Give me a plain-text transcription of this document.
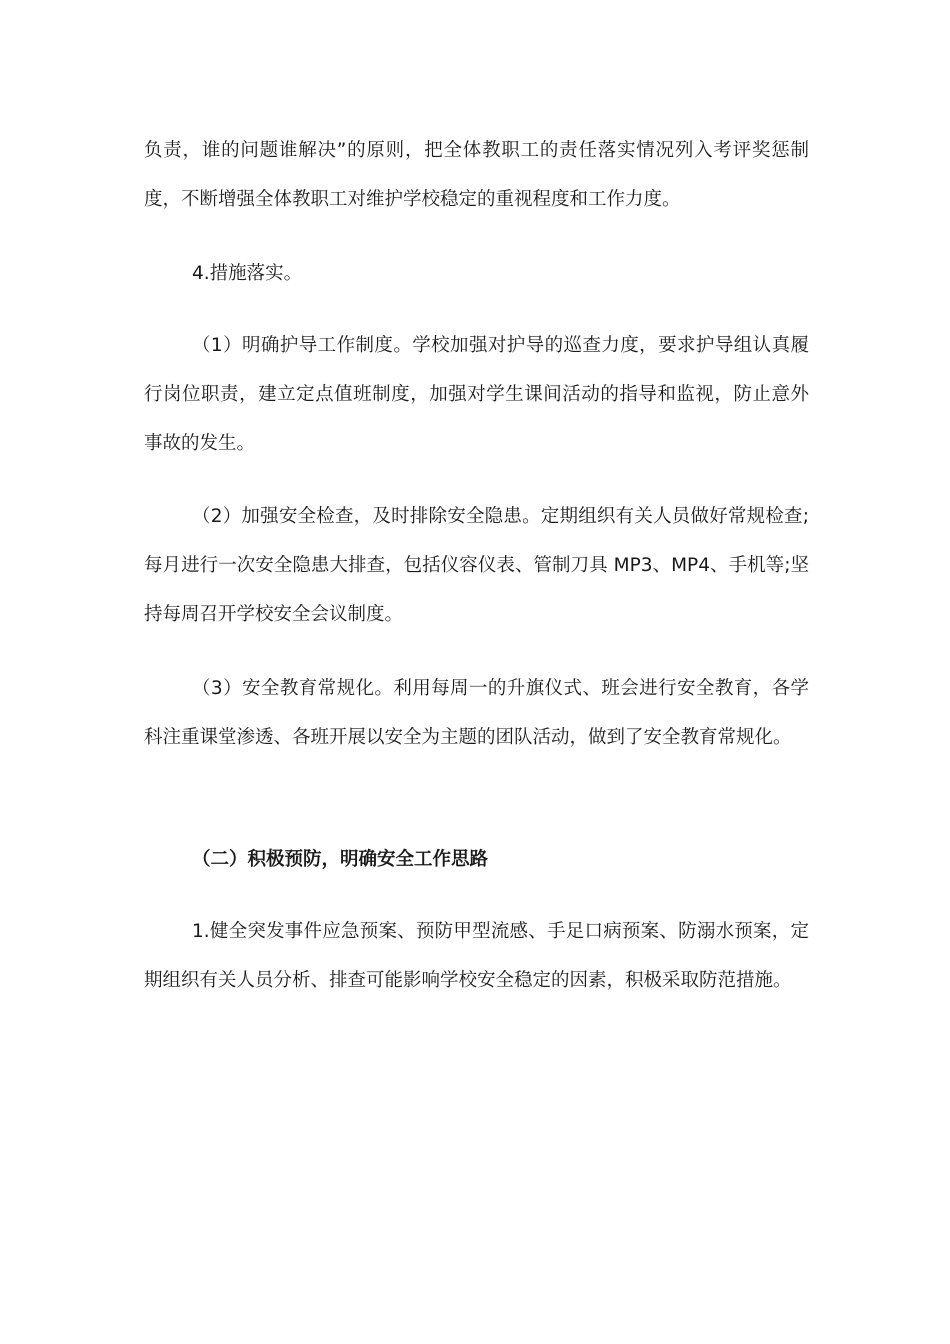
负责，谁的问题谁解决”的原则，把全体教职工的责任落实情况列入考评奖惩制度，不断增强全体教职工对维护学校稳定的重视程度和工作力度。

4.措施落实。

（1）明确护导工作制度。学校加强对护导的巡查力度，要求护导组认真履行岗位职责，建立定点值班制度，加强对学生课间活动的指导和监视，防止意外事故的发生。

（2）加强安全检查，及时排除安全隐患。定期组织有关人员做好常规检查;每月进行一次安全隐患大排查，包括仪容仪表、管制刀具 MP3、MP4、手机等;坚持每周召开学校安全会议制度。

（3）安全教育常规化。利用每周一的升旗仪式、班会进行安全教育，各学科注重课堂渗透、各班开展以安全为主题的团队活动，做到了安全教育常规化。

（二）积极预防，明确安全工作思路

1.健全突发事件应急预案、预防甲型流感、手足口病预案、防溺水预案，定期组织有关人员分析、排查可能影响学校安全稳定的因素，积极采取防范措施。
